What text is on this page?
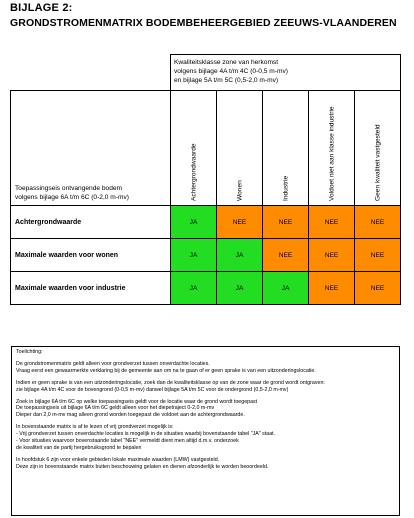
BIJLAGE 2:
GRONDSTROMENMATRIX BODEMBEHEERGEBIED ZEEUWS-VLAANDEREN

	Kwaliteitsklasse zone van herkomst
volgens bijlage 4A t/m 4C (0-0,5 m-mv)
en bijlage 5A t/m 5C (0,5-2,0 m-mv)				

Toepassingseis ontvangende bodem
volgens bijlage 6A t/m 6C (0-2,0 m-mv)	Achtergrondwaarde	Wonen	Industrie	Voldoet niet aan klasse industrie	Geen kwaliteit vastgesteld

Achtergrondwaarde	JA	NEE	NEE	NEE	NEE
Maximale waarden voor wonen	JA	JA	NEE	NEE	NEE
Maximale waarden voor industrie	JA	JA	JA	NEE	NEE

Toelichting:

De grondstromenmatrix geldt alleen voor grondverzet tussen onverdachte locaties.

Vraag eerst een gewaarmerkte verklaring bij de gemeente aan om na te gaan of er geen sprake is van een uitzonderingslocatie.

Indien er geen sprake is van een uitzonderingslocatie, zoek dan de kwaliteitsklasse op van de zone waar de grond wordt ontgraven:

zie bijlage 4A t/m 4C voor de bovengrond (0-0,5 m-mv) danwel bijlage 5A t/m 5C voor de ondergrond (0,5-2,0 m-mv)

Zoek in bijlage 6A t/m 6C op welke toepassingseis geldt voor de locatie waar de grond wordt toegepast

De toepassingseis uit bijlage 6A t/m 6C geldt alleen voor het diepetraject 0-2,0 m-mv

Dieper dan 2,0 m-mv mag alleen grond worden toegepast die voldoet aan de achtergrondwaarde.

In bovenstaande matrix is af te lezen of vrij grondverzet mogelijk is:

- Vrij grondverzet tussen onverdachte locaties is mogelijk in de situaties waarbij bovenstaande tabel "JA" staat.

- Voor situaties waarvoor bovenstaande tabel "NEE" vermeldt dient men altijd d.m.v. onderzoek

de kwaliteit van de partij hergebruiksgrond te bepalen

In hoofdstuk 6 zijn voor enkele gebieden lokale maximale waarden (LMW) vastgesteld.

Deze zijn in bovenstaande matrix buiten beschouwing gelaten en dienen afzonderlijk te worden beoordeeld.
